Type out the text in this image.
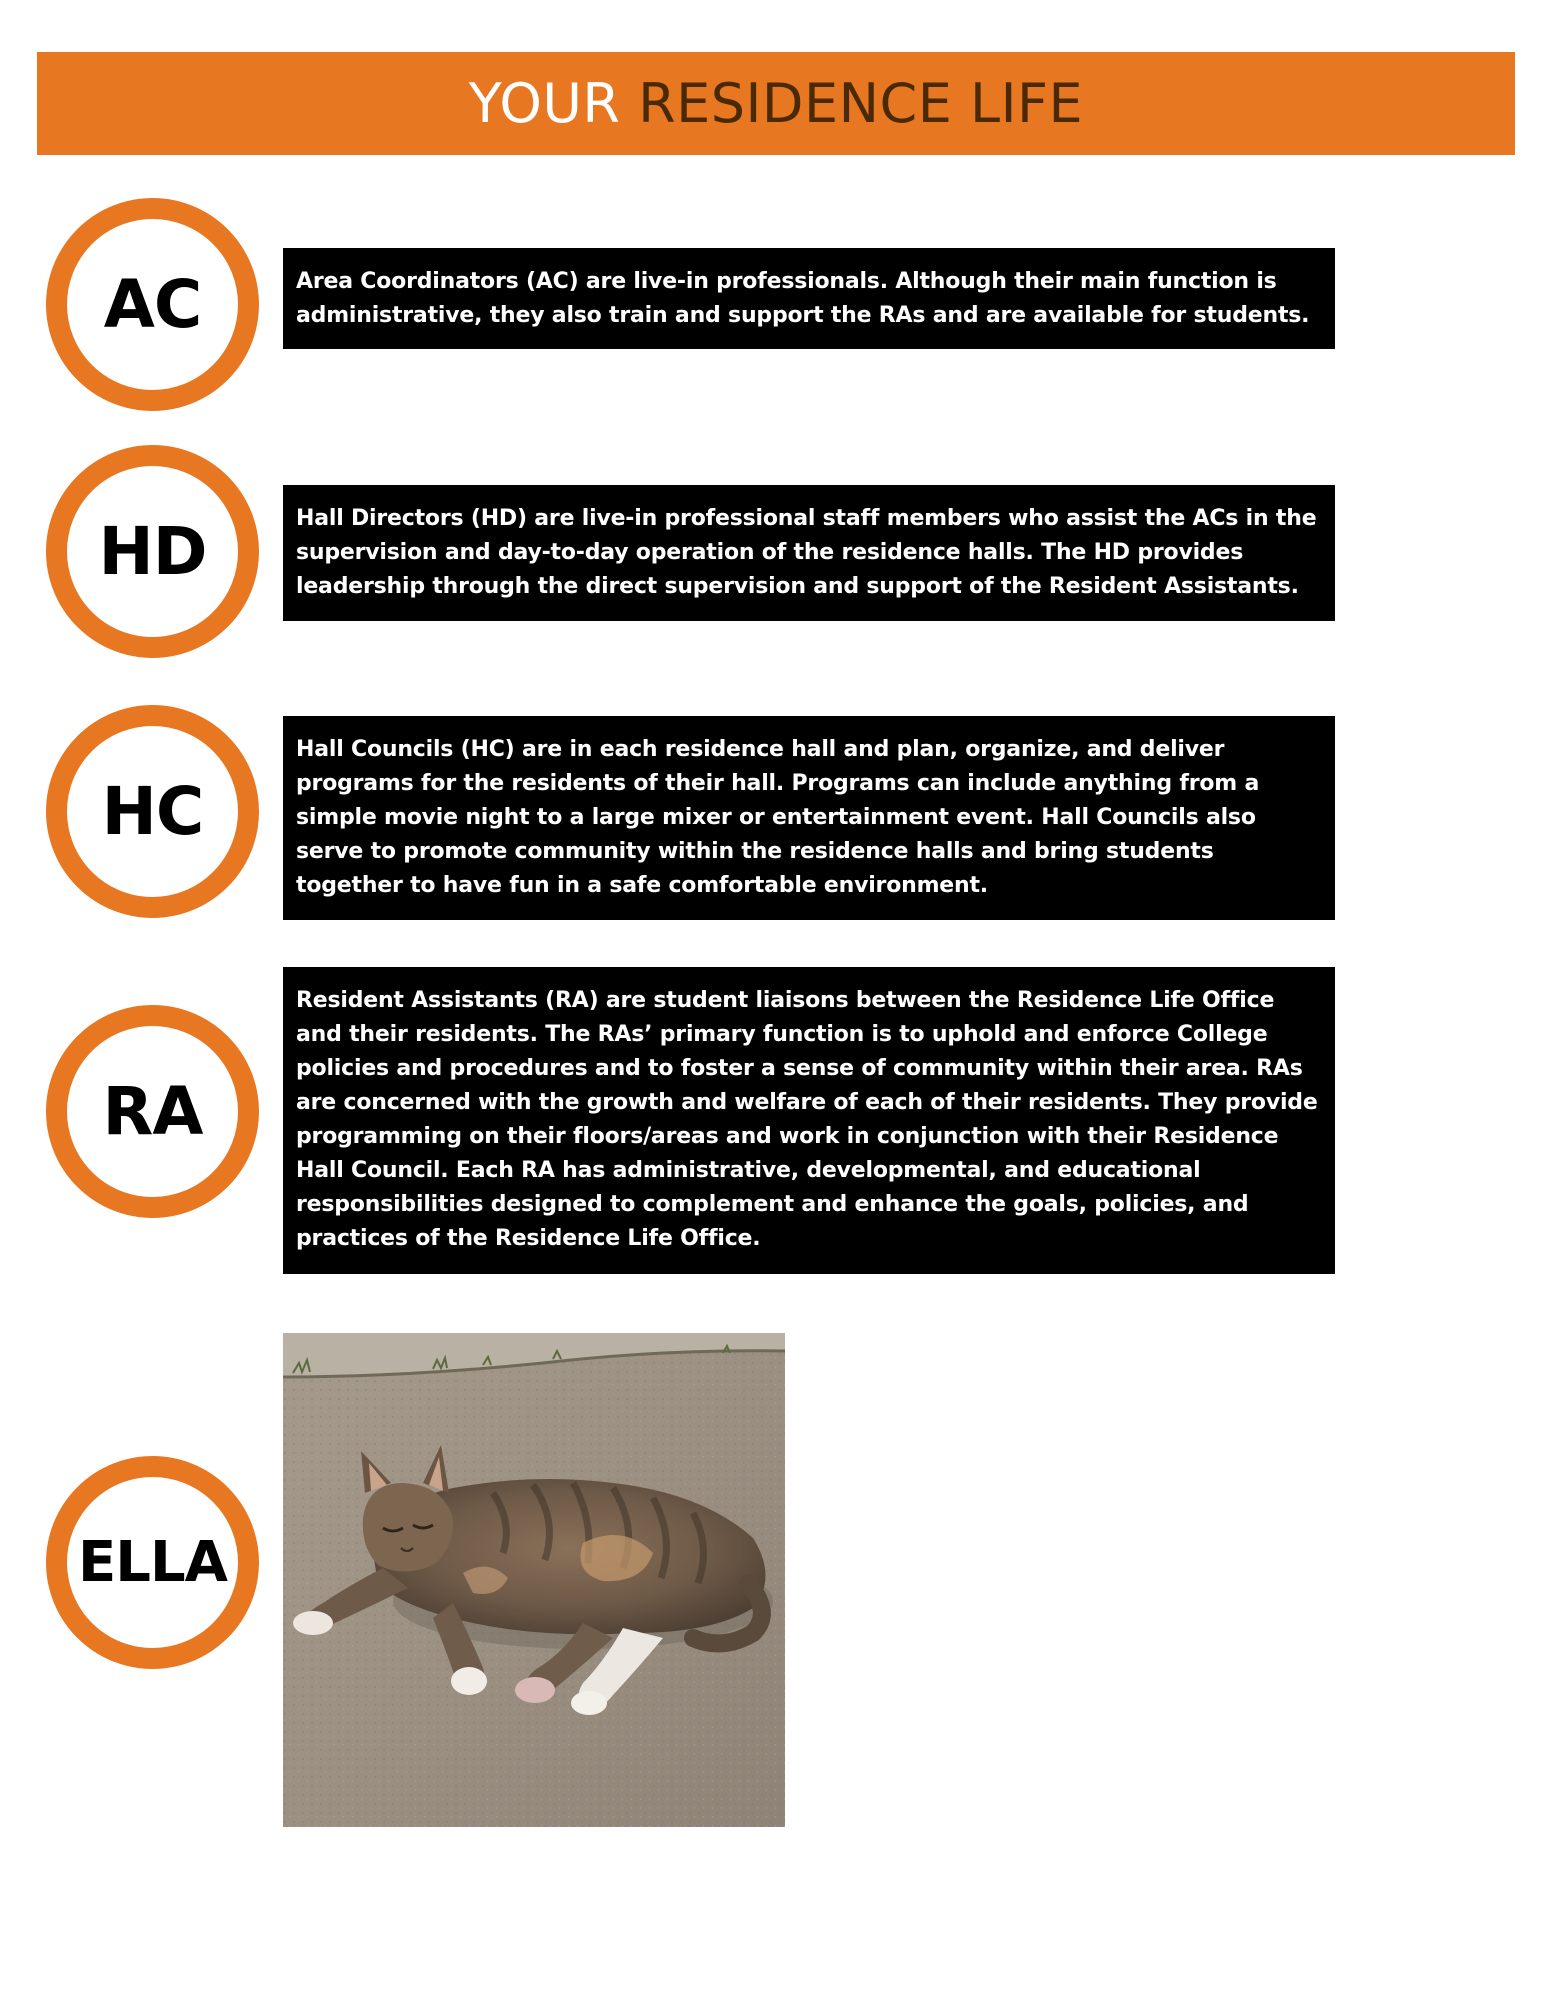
YOUR RESIDENCE LIFE
AC	Area Coordinators (AC) are live-in professionals. Although their main function is administrative, they also train and support the RAs and are available for students.
HD	Hall Directors (HD) are live-in professional staff members who assist the ACs in the supervision and day-to-day operation of the residence halls. The HD provides leadership through the direct supervision and support of the Resident Assistants.
HC
Hall Councils (HC) are in each residence hall and plan, organize, and deliver programs for the residents of their hall. Programs can include anything from a simple movie night to a large mixer or entertainment event. Hall Councils also serve to promote community within the residence halls and bring students together to have fun in a safe comfortable environment.
RA
Resident Assistants (RA) are student liaisons between the Residence Life Office and their residents. The RAs’ primary function is to uphold and enforce College policies and procedures and to foster a sense of community within their area. RAs are concerned with the growth and welfare of each of their residents. They provide programming on their floors/areas and work in conjunction with their Residence Hall Council. Each RA has administrative, developmental, and educational responsibilities designed to complement and enhance the goals, policies, and practices of the Residence Life Office.
ELLA
